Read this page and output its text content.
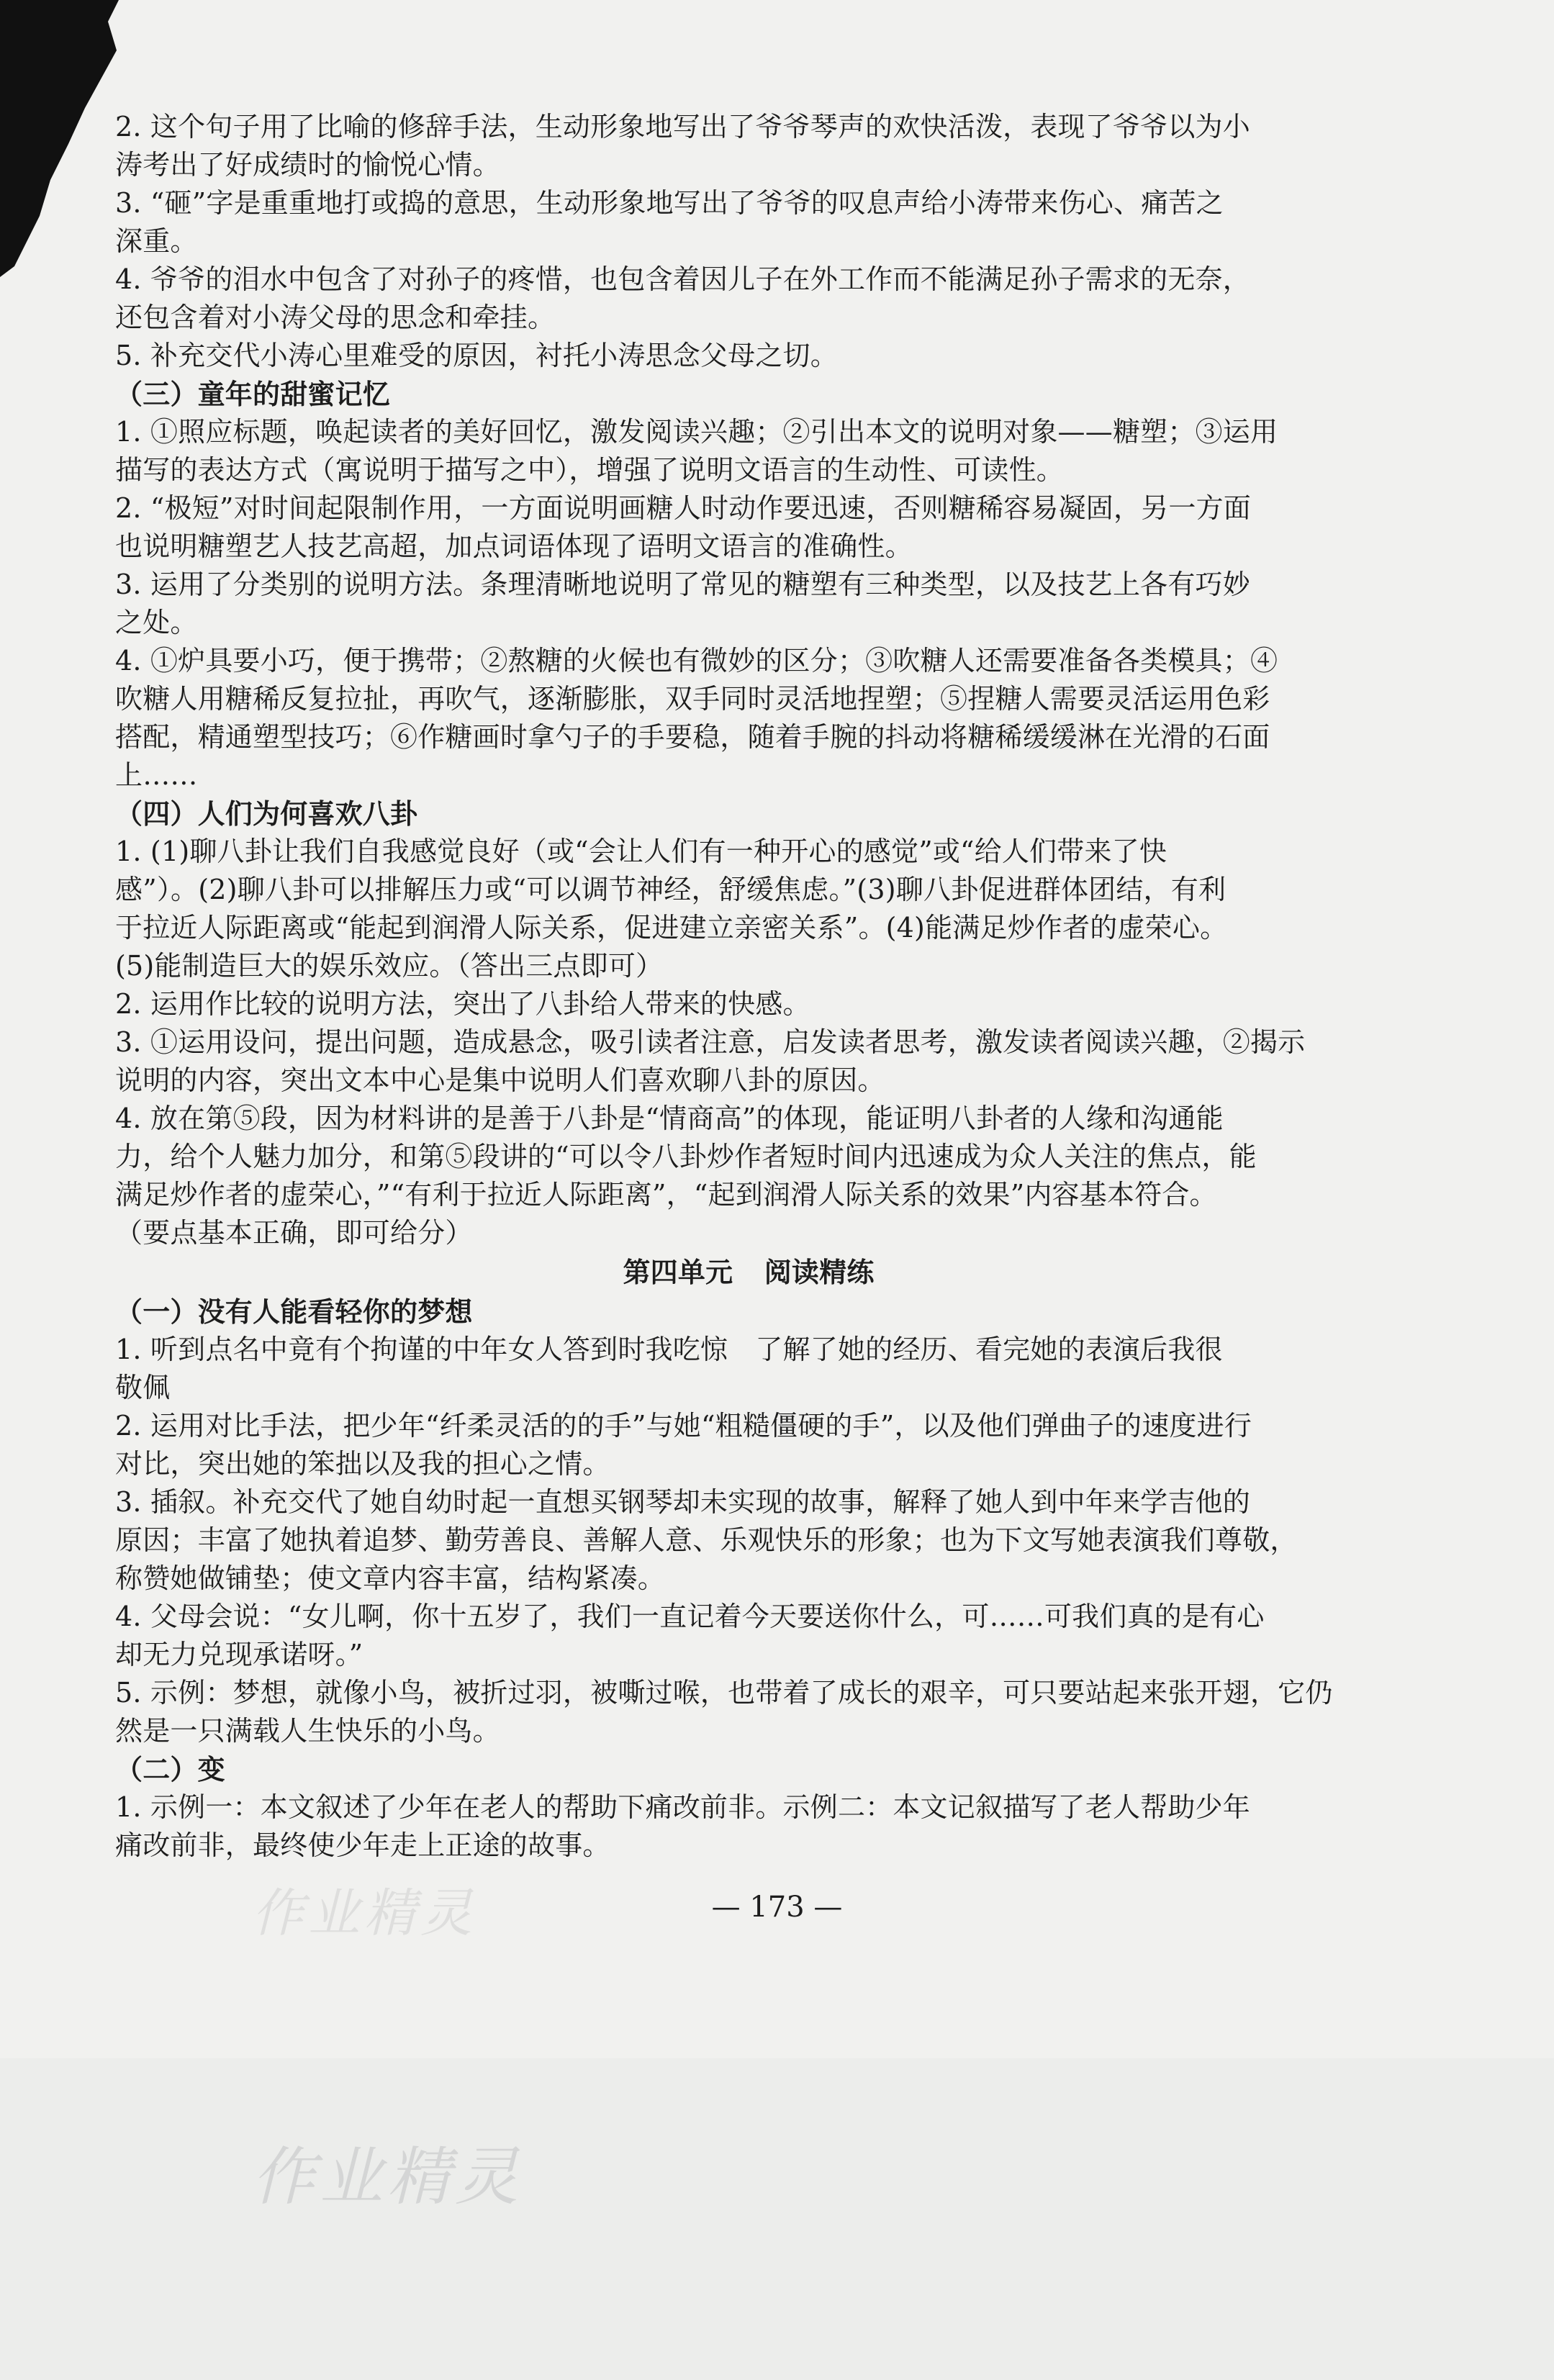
2. 这个句子用了比喻的修辞手法，生动形象地写出了爷爷琴声的欢快活泼，表现了爷爷以为小
涛考出了好成绩时的愉悦心情。
3. “砸”字是重重地打或捣的意思，生动形象地写出了爷爷的叹息声给小涛带来伤心、痛苦之
深重。
4. 爷爷的泪水中包含了对孙子的疼惜，也包含着因儿子在外工作而不能满足孙子需求的无奈，
还包含着对小涛父母的思念和牵挂。
5. 补充交代小涛心里难受的原因，衬托小涛思念父母之切。
（三）童年的甜蜜记忆
1. ①照应标题，唤起读者的美好回忆，激发阅读兴趣；②引出本文的说明对象——糖塑；③运用
描写的表达方式（寓说明于描写之中），增强了说明文语言的生动性、可读性。
2. “极短”对时间起限制作用，一方面说明画糖人时动作要迅速，否则糖稀容易凝固，另一方面
也说明糖塑艺人技艺高超，加点词语体现了语明文语言的准确性。
3. 运用了分类别的说明方法。条理清晰地说明了常见的糖塑有三种类型，以及技艺上各有巧妙
之处。
4. ①炉具要小巧，便于携带；②熬糖的火候也有微妙的区分；③吹糖人还需要准备各类模具；④
吹糖人用糖稀反复拉扯，再吹气，逐渐膨胀，双手同时灵活地捏塑；⑤捏糖人需要灵活运用色彩
搭配，精通塑型技巧；⑥作糖画时拿勺子的手要稳，随着手腕的抖动将糖稀缓缓淋在光滑的石面
上……
（四）人们为何喜欢八卦
1. (1)聊八卦让我们自我感觉良好（或“会让人们有一种开心的感觉”或“给人们带来了快
感”）。(2)聊八卦可以排解压力或“可以调节神经，舒缓焦虑。”(3)聊八卦促进群体团结，有利
于拉近人际距离或“能起到润滑人际关系，促进建立亲密关系”。(4)能满足炒作者的虚荣心。
(5)能制造巨大的娱乐效应。（答出三点即可）
2. 运用作比较的说明方法，突出了八卦给人带来的快感。
3. ①运用设问，提出问题，造成悬念，吸引读者注意，启发读者思考，激发读者阅读兴趣，②揭示
说明的内容，突出文本中心是集中说明人们喜欢聊八卦的原因。
4. 放在第⑤段，因为材料讲的是善于八卦是“情商高”的体现，能证明八卦者的人缘和沟通能
力，给个人魅力加分，和第⑤段讲的“可以令八卦炒作者短时间内迅速成为众人关注的焦点，能
满足炒作者的虚荣心，”“有利于拉近人际距离”，“起到润滑人际关系的效果”内容基本符合。
（要点基本正确，即可给分）
第四单元 阅读精练
（一）没有人能看轻你的梦想
1. 听到点名中竟有个拘谨的中年女人答到时我吃惊　了解了她的经历、看完她的表演后我很
敬佩
2. 运用对比手法，把少年“纤柔灵活的的手”与她“粗糙僵硬的手”，以及他们弹曲子的速度进行
对比，突出她的笨拙以及我的担心之情。
3. 插叙。补充交代了她自幼时起一直想买钢琴却未实现的故事，解释了她人到中年来学吉他的
原因；丰富了她执着追梦、勤劳善良、善解人意、乐观快乐的形象；也为下文写她表演我们尊敬，
称赞她做铺垫；使文章内容丰富，结构紧凑。
4. 父母会说：“女儿啊，你十五岁了，我们一直记着今天要送你什么，可……可我们真的是有心
却无力兑现承诺呀。”
5. 示例：梦想，就像小鸟，被折过羽，被嘶过喉，也带着了成长的艰辛，可只要站起来张开翅，它仍
然是一只满载人生快乐的小鸟。
（二）变
1. 示例一：本文叙述了少年在老人的帮助下痛改前非。示例二：本文记叙描写了老人帮助少年
痛改前非，最终使少年走上正途的故事。
— 173 —
作业精灵
作业精灵
